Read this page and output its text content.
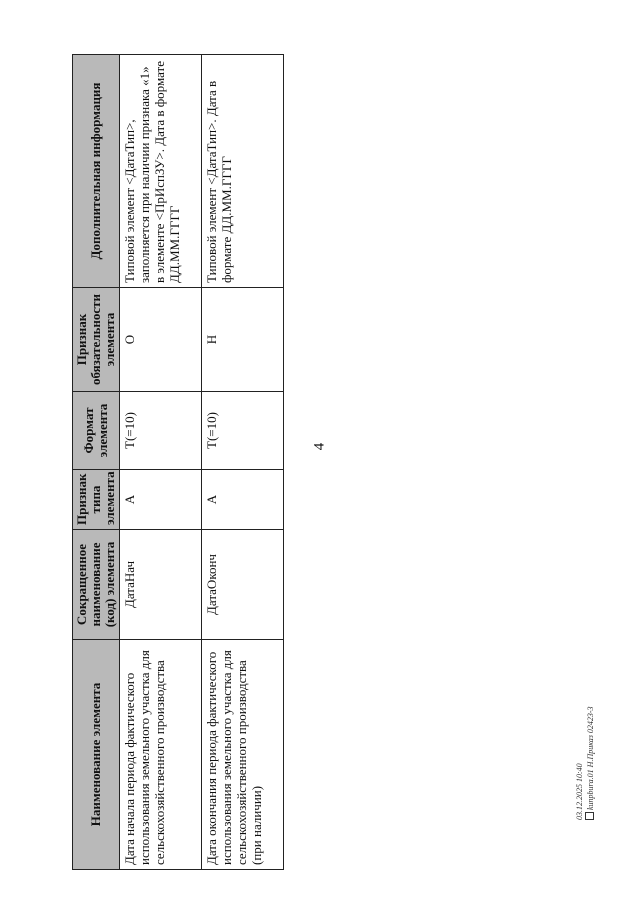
4
Наименование элемента	Сокращенное наименование (код) элемента	Признак типа элемента	Формат элемента	Признак обязательности элемента	Дополнительная информация
Дата начала периода фактического использования земельного участка для сельскохозяйственного производства	ДатаНач	А	Т(=10)	О	Типовой элемент <ДатаТип>, заполняется при наличии признака «1» в элементе <ПрИспЗУ>. Дата в формате ДД.ММ.ГГГГ
Дата окончания периода фактического использования земельного участка для сельскохозяйственного производства (при наличии)	ДатаОконч	А	Т(=10)	Н	Типовой элемент <ДатаТип>. Дата в формате ДД.ММ.ГГГГ
03.12.2025 10:40 kunpbura.01 Н.Приказ 02423-3
